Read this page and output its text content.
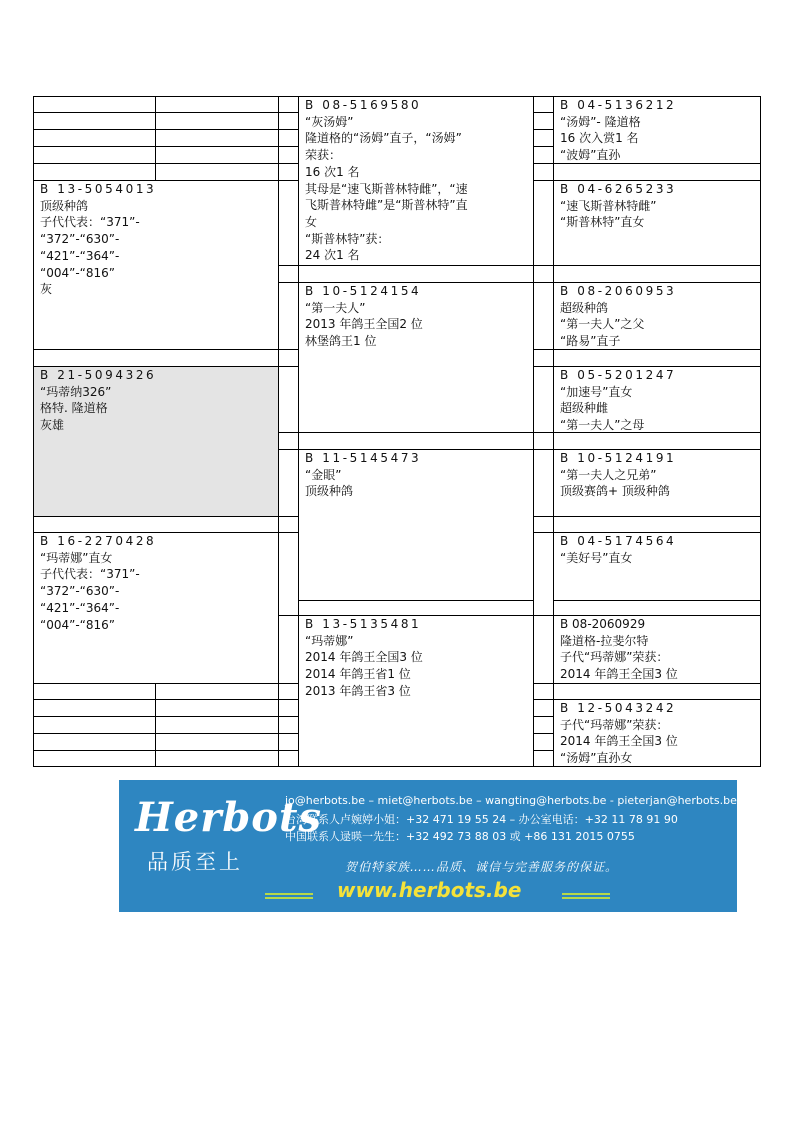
B 08-5169580
“灰汤姆”
隆道格的“汤姆”直子，“汤姆”
荣获：
16 次1 名
其母是“速飞斯普林特雌”，“速
飞斯普林特雌”是“斯普林特”直
女
“斯普林特”获：
24 次1 名
B 04-5136212
“汤姆”- 隆道格
16 次入赏1 名
“波姆”直孙
B 04-6265233
“速飞斯普林特雌”
“斯普林特”直女
B 13-5054013
顶级种鸽
子代代表：“371”-
“372”-“630”-
“421”-“364”-
“004”-“816”
灰	B 10-5124154
“第一夫人”
2013 年鸽王全国2 位
林堡鸽王1 位
B 08-2060953
超级种鸽
“第一夫人”之父
“路易”直子
B 21-5094326
“玛蒂纳326”
格特. 隆道格
灰雄
B 05-5201247
“加速号”直女
超级种雌
“第一夫人”之母
B 11-5145473
“金眼”
顶级种鸽
B 10-5124191
“第一夫人之兄弟”
顶级赛鸽+ 顶级种鸽
B 16-2270428
“玛蒂娜”直女
子代代表：“371”-
“372”-“630”-
“421”-“364”-
“004”-“816”
B 04-5174564
“美好号”直女
B 13-5135481
“玛蒂娜”
2014 年鸽王全国3 位
2014 年鸽王省1 位
2013 年鸽王省3 位
B 08-2060929
隆道格-拉斐尔特
子代“玛蒂娜”荣获：
2014 年鸽王全国3 位
B 12-5043242
子代“玛蒂娜”荣获：
2014 年鸽王全国3 位
“汤姆”直孙女
Herbots
品质至上
jo@herbots.be – miet@herbots.be – wangting@herbots.be - pieterjan@herbots.be
台湾联系人卢婉婷小姐：+32 471 19 55 24 – 办公室电话：+32 11 78 91 90
中国联系人逯暎一先生：+32 492 73 88 03 或 +86 131 2015 0755
贺伯特家族……品质、诚信与完善服务的保证。
www.herbots.be
